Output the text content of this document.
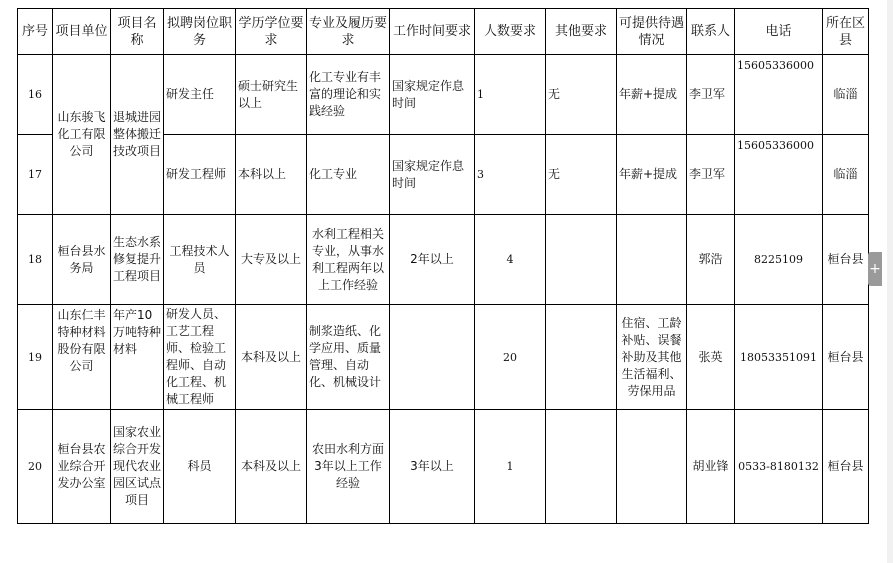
序号	项目单位	项目名称	拟聘岗位职务	学历学位要求	专业及履历要求	工作时间要求	人数要求	其他要求	可提供待遇情况	联系人	电话	所在区县
16	山东骏飞化工有限公司	退城进园整体搬迁技改项目	研发主任	硕士研究生以上	化工专业有丰富的理论和实践经验	国家规定作息时间	1	无	年薪+提成	李卫军	15605336000	临淄
17			研发工程师	本科以上	化工专业	国家规定作息时间	3	无	年薪+提成	李卫军	15605336000	临淄
18	桓台县水务局	生态水系修复提升工程项目	工程技术人员	大专及以上	水利工程相关专业，从事水利工程两年以上工作经验	2年以上	4			郭浩	8225109	桓台县
19	山东仁丰特种材料股份有限公司	年产10万吨特种材料	研发人员、工艺工程师、检验工程师、自动化工程、机械工程师	本科及以上	制浆造纸、化学应用、质量管理、自动化、机械设计		20		住宿、工龄补贴、误餐补助及其他生活福利、劳保用品	张英	18053351091	桓台县
20	桓台县农业综合开发办公室	国家农业综合开发现代农业园区试点项目	科员	本科及以上	农田水利方面3年以上工作经验	3年以上	1			胡业锋	0533-8180132	桓台县
+
